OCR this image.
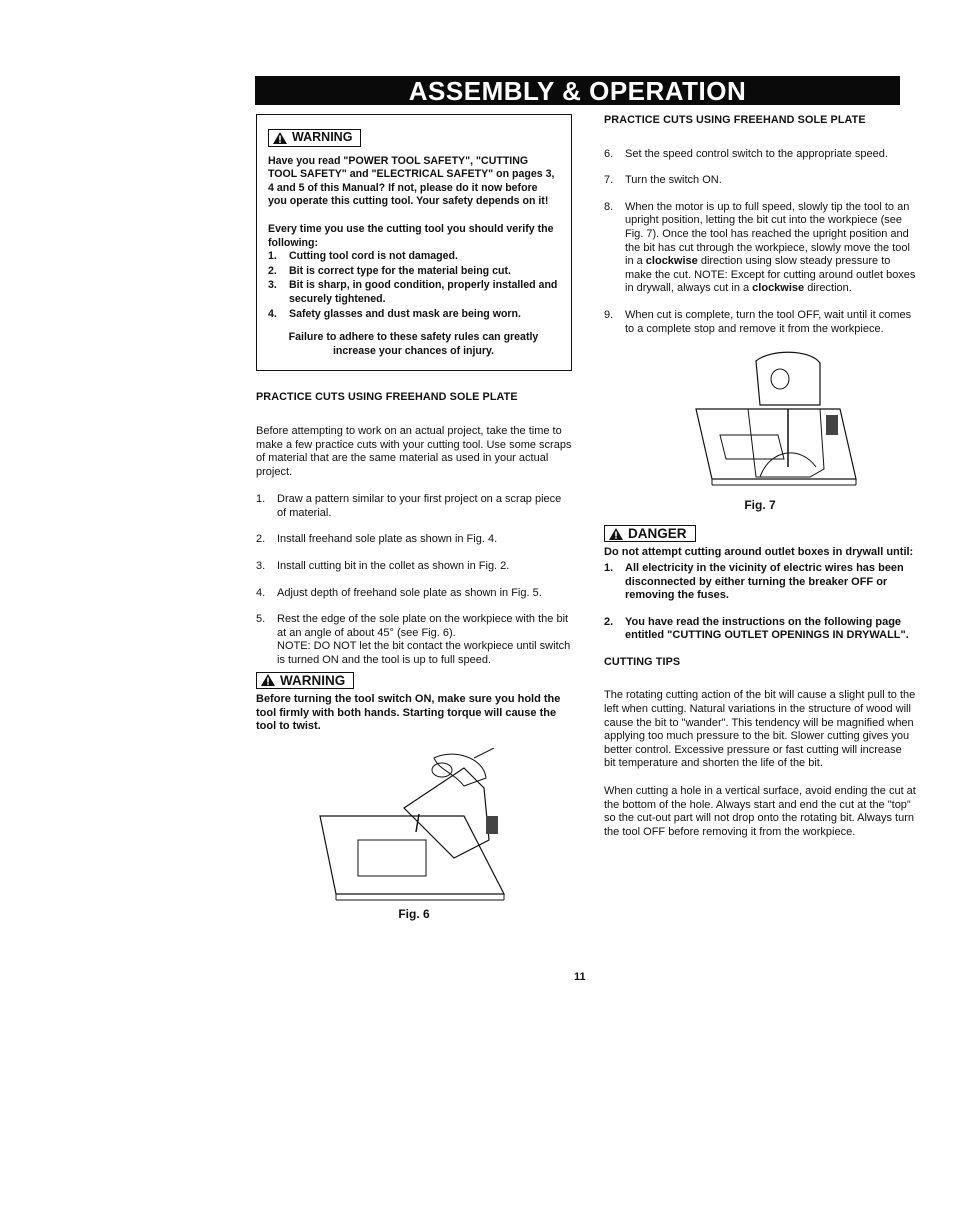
ASSEMBLY & OPERATION
WARNING

Have you read "POWER TOOL SAFETY", "CUTTING TOOL SAFETY" and "ELECTRICAL SAFETY" on pages 3, 4 and 5 of this Manual? If not, please do it now before you operate this cutting tool. Your safety depends on it!

Every time you use the cutting tool you should verify the following:
1. Cutting tool cord is not damaged.
2. Bit is correct type for the material being cut.
3. Bit is sharp, in good condition, properly installed and securely tightened.
4. Safety glasses and dust mask are being worn.

Failure to adhere to these safety rules can greatly increase your chances of injury.

PRACTICE CUTS USING FREEHAND SOLE PLATE

Before attempting to work on an actual project, take the time to make a few practice cuts with your cutting tool. Use some scraps of material that are the same material as used in your actual project.

1. Draw a pattern similar to your first project on a scrap piece of material.
2. Install freehand sole plate as shown in Fig. 4.
3. Install cutting bit in the collet as shown in Fig. 2.
4. Adjust depth of freehand sole plate as shown in Fig. 5.
5. Rest the edge of the sole plate on the workpiece with the bit at an angle of about 45° (see Fig. 6).
NOTE: DO NOT let the bit contact the workpiece until switch is turned ON and the tool is up to full speed.
WARNING

Before turning the tool switch ON, make sure you hold the tool firmly with both hands. Starting torque will cause the tool to twist.

Fig. 6
PRACTICE CUTS USING FREEHAND SOLE PLATE
6. Set the speed control switch to the appropriate speed.
7. Turn the switch ON.
8. When the motor is up to full speed, slowly tip the tool to an upright position, letting the bit cut into the workpiece (see Fig. 7). Once the tool has reached the upright position and the bit has cut through the workpiece, slowly move the tool in a clockwise direction using slow steady pressure to make the cut. NOTE: Except for cutting around outlet boxes in drywall, always cut in a clockwise direction.
9. When cut is complete, turn the tool OFF, wait until it comes to a complete stop and remove it from the workpiece.
Fig. 7
DANGER
Do not attempt cutting around outlet boxes in drywall until:
1. All electricity in the vicinity of electric wires has been disconnected by either turning the breaker OFF or removing the fuses.
2. You have read the instructions on the following page entitled "CUTTING OUTLET OPENINGS IN DRYWALL".
CUTTING TIPS

The rotating cutting action of the bit will cause a slight pull to the left when cutting. Natural variations in the structure of wood will cause the bit to "wander". This tendency will be magnified when applying too much pressure to the bit. Slower cutting gives you better control. Excessive pressure or fast cutting will increase bit temperature and shorten the life of the bit.

When cutting a hole in a vertical surface, avoid ending the cut at the bottom of the hole. Always start and end the cut at the "top" so the cut-out part will not drop onto the rotating bit. Always turn the tool OFF before removing it from the workpiece.

11
